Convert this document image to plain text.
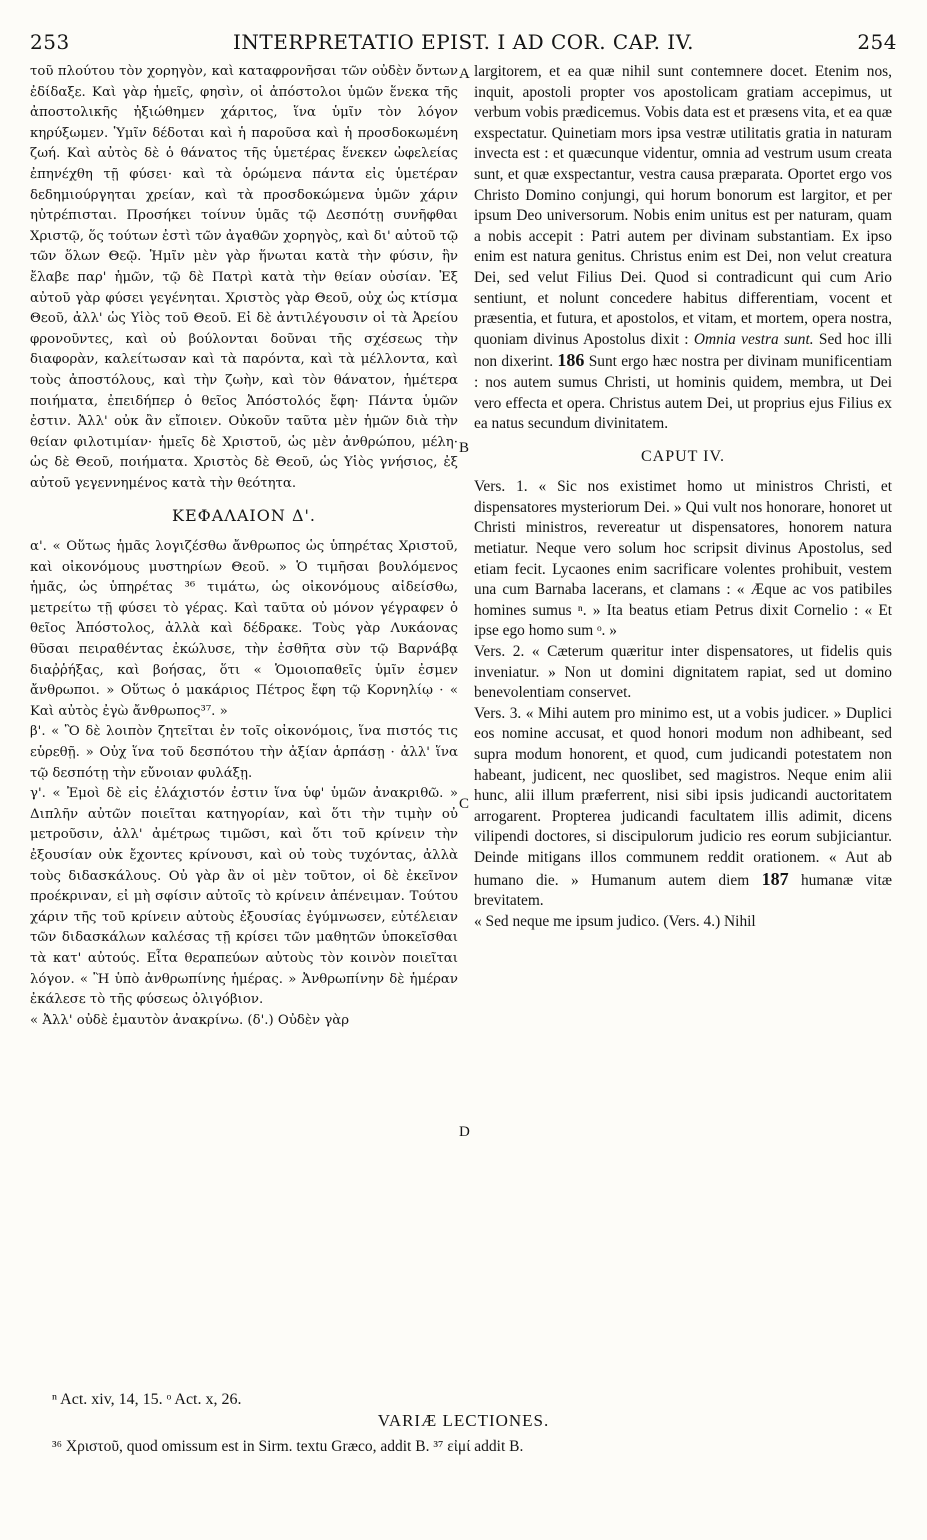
253	INTERPRETATIO EPIST. I AD COR. CAP. IV.	254

τοῦ πλούτου τὸν χορηγὸν, καὶ καταφρονῆσαι τῶν οὐδὲν ὄντων ἐδίδαξε. Καὶ γὰρ ἡμεῖς, φησὶν, οἱ ἀπόστολοι ὑμῶν ἕνεκα τῆς ἀποστολικῆς ἠξιώθημεν χάριτος, ἵνα ὑμῖν τὸν λόγον κηρύξωμεν. Ὑμῖν δέδοται καὶ ἡ παροῦσα καὶ ἡ προσδοκωμένη ζωή. Καὶ αὐτὸς δὲ ὁ θάνατος τῆς ὑμετέρας ἕνεκεν ὠφελείας ἐπηνέχθη τῇ φύσει· καὶ τὰ ὁρώμενα πάντα εἰς ὑμετέραν δεδημιούργηται χρείαν, καὶ τὰ προσδοκώμενα ὑμῶν χάριν ηὐτρέπισται. Προσήκει τοίνυν ὑμᾶς τῷ Δεσπότῃ συνῆφθαι Χριστῷ, ὅς τούτων ἐστὶ τῶν ἀγαθῶν χορηγὸς, καὶ δι' αὐτοῦ τῷ τῶν ὅλων Θεῷ. Ἡμῖν μὲν γὰρ ἥνωται κατὰ τὴν φύσιν, ἣν ἔλαβε παρ' ἡμῶν, τῷ δὲ Πατρὶ κατὰ τὴν θείαν οὐσίαν. Ἐξ αὐτοῦ γὰρ φύσει γεγένηται. Χριστὸς γὰρ Θεοῦ, οὐχ ὡς κτίσμα Θεοῦ, ἀλλ' ὡς Υἱὸς τοῦ Θεοῦ. Εἰ δὲ ἀντιλέγουσιν οἱ τὰ Ἀρείου φρονοῦντες, καὶ οὐ βούλονται δοῦναι τῆς σχέσεως τὴν διαφορὰν, καλείτωσαν καὶ τὰ παρόντα, καὶ τὰ μέλλοντα, καὶ τοὺς ἀποστόλους, καὶ τὴν ζωὴν, καὶ τὸν θάνατον, ἡμέτερα ποιήματα, ἐπειδήπερ ὁ θεῖος Ἀπόστολός ἔφη· Πάντα ὑμῶν ἐστιν. Ἀλλ' οὐκ ἂν εἴποιεν. Οὐκοῦν ταῦτα μὲν ἡμῶν διὰ τὴν θείαν φιλοτιμίαν· ἡμεῖς δὲ Χριστοῦ, ὡς μὲν ἀνθρώπου, μέλη· ὡς δὲ Θεοῦ, ποιήματα. Χριστὸς δὲ Θεοῦ, ὡς Υἱὸς γνήσιος, ἐξ αὐτοῦ γεγεννημένος κατὰ τὴν θεότητα.

ΚΕΦΑΛΑΙΟΝ Δ'.

α'. « Οὕτως ἡμᾶς λογιζέσθω ἄνθρωπος ὡς ὑπηρέτας Χριστοῦ, καὶ οἰκονόμους μυστηρίων Θεοῦ. » Ὁ τιμῆσαι βουλόμενος ἡμᾶς, ὡς ὑπηρέτας ³⁶ τιμάτω, ὡς οἰκονόμους αἰδείσθω, μετρείτω τῇ φύσει τὸ γέρας. Καὶ ταῦτα οὐ μόνον γέγραφεν ὁ θεῖος Ἀπόστολος, ἀλλὰ καὶ δέδρακε. Τοὺς γὰρ Λυκάονας θῦσαι πειραθέντας ἐκώλυσε, τὴν ἐσθῆτα σὺν τῷ Βαρνάβᾳ διαῤῥήξας, καὶ βοήσας, ὅτι « Ὁμοιοπαθεῖς ὑμῖν ἐσμεν ἄνθρωποι. » Οὕτως ὁ μακάριος Πέτρος ἔφη τῷ Κορνηλίῳ · « Καὶ αὐτὸς ἐγὼ ἄνθρωπος³⁷. »

β'. « Ὃ δὲ λοιπὸν ζητεῖται ἐν τοῖς οἰκονόμοις, ἵνα πιστός τις εὑρεθῇ. » Οὐχ ἵνα τοῦ δεσπότου τὴν ἀξίαν ἁρπάσῃ · ἀλλ' ἵνα τῷ δεσπότῃ τὴν εὔνοιαν φυλάξῃ.

γ'. « Ἐμοὶ δὲ εἰς ἐλάχιστόν ἐστιν ἵνα ὑφ' ὑμῶν ἀνακριθῶ. » Διπλῆν αὐτῶν ποιεῖται κατηγορίαν, καὶ ὅτι τὴν τιμὴν οὐ μετροῦσιν, ἀλλ' ἀμέτρως τιμῶσι, καὶ ὅτι τοῦ κρίνειν τὴν ἐξουσίαν οὐκ ἔχοντες κρίνουσι, καὶ οὐ τοὺς τυχόντας, ἀλλὰ τοὺς διδασκάλους. Οὐ γὰρ ἂν οἱ μὲν τοῦτον, οἱ δὲ ἐκεῖνον προέκριναν, εἰ μὴ σφίσιν αὐτοῖς τὸ κρίνειν ἀπένειμαν. Τούτου χάριν τῆς τοῦ κρίνειν αὐτοὺς ἐξουσίας ἐγύμνωσεν, εὐτέλειαν τῶν διδασκάλων καλέσας τῇ κρίσει τῶν μαθητῶν ὑποκεῖσθαι τὰ κατ' αὐτούς. Εἶτα θεραπεύων αὐτοὺς τὸν κοινὸν ποιεῖται λόγον. « Ἢ ὑπὸ ἀνθρωπίνης ἡμέρας. » Ἀνθρωπίνην δὲ ἡμέραν ἐκάλεσε τὸ τῆς φύσεως ὀλιγόβιον.

« Ἀλλ' οὐδὲ ἐμαυτὸν ἀνακρίνω. (δ'.) Οὐδὲν γὰρ

largitorem, et ea quæ nihil sunt contemnere docet. Etenim nos, inquit, apostoli propter vos apostolicam gratiam accepimus, ut verbum vobis prædicemus. Vobis data est et præsens vita, et ea quæ exspectatur. Quinetiam mors ipsa vestræ utilitatis gratia in naturam invecta est : et quæcunque videntur, omnia ad vestrum usum creata sunt, et quæ exspectantur, vestra causa præparata. Oportet ergo vos Christo Domino conjungi, qui horum bonorum est largitor, et per ipsum Deo universorum. Nobis enim unitus est per naturam, quam a nobis accepit : Patri autem per divinam substantiam. Ex ipso enim est natura genitus. Christus enim est Dei, non velut creatura Dei, sed velut Filius Dei. Quod si contradicunt qui cum Ario sentiunt, et nolunt concedere habitus differentiam, vocent et præsentia, et futura, et apostolos, et vitam, et mortem, opera nostra, quoniam divinus Apostolus dixit : Omnia vestra sunt. Sed hoc illi non dixerint. 186 Sunt ergo hæc nostra per divinam munificentiam : nos autem sumus Christi, ut hominis quidem, membra, ut Dei vero effecta et opera. Christus autem Dei, ut proprius ejus Filius ex ea natus secundum divinitatem.

CAPUT IV.

Vers. 1. « Sic nos existimet homo ut ministros Christi, et dispensatores mysteriorum Dei. » Qui vult nos honorare, honoret ut Christi ministros, revereatur ut dispensatores, honorem natura metiatur. Neque vero solum hoc scripsit divinus Apostolus, sed etiam fecit. Lycaones enim sacrificare volentes prohibuit, vestem una cum Barnaba lacerans, et clamans : « Æque ac vos patibiles homines sumus ⁿ. » Ita beatus etiam Petrus dixit Cornelio : « Et ipse ego homo sum ᵒ. »

Vers. 2. « Cæterum quæritur inter dispensatores, ut fidelis quis inveniatur. » Non ut domini dignitatem rapiat, sed ut domino benevolentiam conservet.

Vers. 3. « Mihi autem pro minimo est, ut a vobis judicer. » Duplici eos nomine accusat, et quod honori modum non adhibeant, sed supra modum honorent, et quod, cum judicandi potestatem non habeant, judicent, nec quoslibet, sed magistros. Neque enim alii hunc, alii illum præferrent, nisi sibi ipsis judicandi auctoritatem arrogarent. Propterea judicandi facultatem illis adimit, dicens vilipendi doctores, si discipulorum judicio res eorum subjiciantur. Deinde mitigans illos communem reddit orationem. « Aut ab humano die. » Humanum autem diem 187 humanæ vitæ brevitatem.

« Sed neque me ipsum judico. (Vers. 4.) Nihil

A
B
C
D
ⁿ Act. xiv, 14, 15. ᵒ Act. x, 26.
VARIÆ LECTIONES.
³⁶ Χριστοῦ, quod omissum est in Sirm. textu Græco, addit B. ³⁷ εἰμί addit B.
